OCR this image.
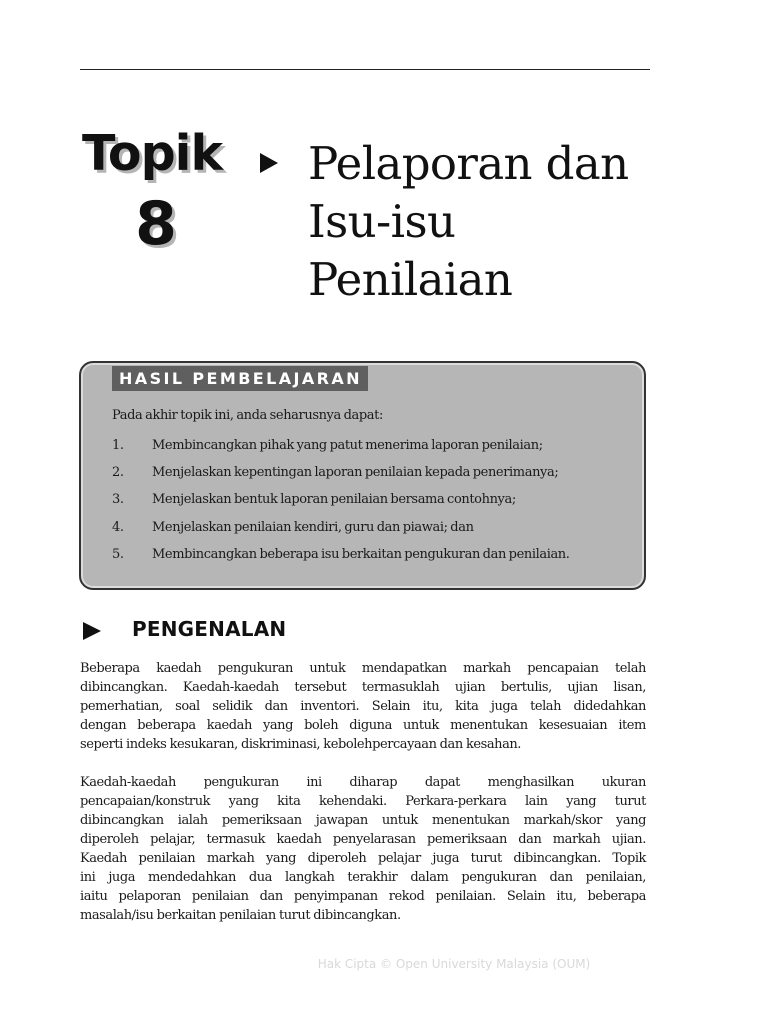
Topik
8
Pelaporan dan
Isu-isu
Penilaian
HASIL PEMBELAJARAN
Pada akhir topik ini, anda seharusnya dapat:
1. Membincangkan pihak yang patut menerima laporan penilaian;
2. Menjelaskan kepentingan laporan penilaian kepada penerimanya;
3. Menjelaskan bentuk laporan penilaian bersama contohnya;
4. Menjelaskan penilaian kendiri, guru dan piawai; dan
5. Membincangkan beberapa isu berkaitan pengukuran dan penilaian.
PENGENALAN
Beberapa kaedah pengukuran untuk mendapatkan markah pencapaian telah
dibincangkan. Kaedah-kaedah tersebut termasuklah ujian bertulis, ujian lisan,
pemerhatian, soal selidik dan inventori. Selain itu, kita juga telah didedahkan
dengan beberapa kaedah yang boleh diguna untuk menentukan kesesuaian item
seperti indeks kesukaran, diskriminasi, kebolehpercayaan dan kesahan.
Kaedah-kaedah pengukuran ini diharap dapat menghasilkan ukuran
pencapaian/konstruk yang kita kehendaki. Perkara-perkara lain yang turut
dibincangkan ialah pemeriksaan jawapan untuk menentukan markah/skor yang
diperoleh pelajar, termasuk kaedah penyelarasan pemeriksaan dan markah ujian.
Kaedah penilaian markah yang diperoleh pelajar juga turut dibincangkan. Topik
ini juga mendedahkan dua langkah terakhir dalam pengukuran dan penilaian,
iaitu pelaporan penilaian dan penyimpanan rekod penilaian. Selain itu, beberapa
masalah/isu berkaitan penilaian turut dibincangkan.
Hak Cipta © Open University Malaysia (OUM)
